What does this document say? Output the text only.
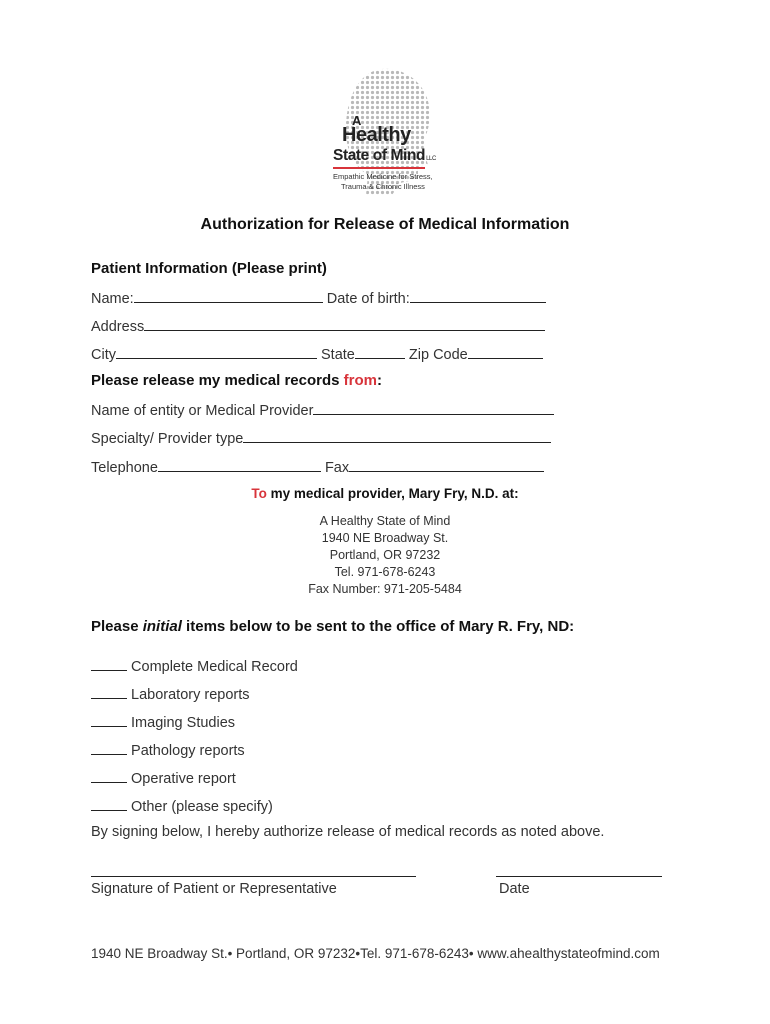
A
Healthy
State of MindLLC
Empathic Medicine for Stress,
Trauma & Chronic Illness
Authorization for Release of Medical Information
Patient Information (Please print)
Name:	Date of birth:
Address
City	State	Zip Code
Please release my medical records from:
Name of entity or Medical Provider
Specialty/ Provider type
Telephone	Fax
To my medical provider, Mary Fry, N.D. at:
A Healthy State of Mind
1940 NE Broadway St.
Portland, OR 97232
Tel. 971-678-6243
Fax Number: 971-205-5484
Please initial items below to be sent to the office of Mary R. Fry, ND:
Complete Medical Record
Laboratory reports
Imaging Studies
Pathology reports
Operative report
Other (please specify)
By signing below, I hereby authorize release of medical records as noted above.
Signature of Patient or Representative	Date
1940 NE Broadway St.• Portland, OR 97232•Tel. 971-678-6243• www.ahealthystateofmind.com
